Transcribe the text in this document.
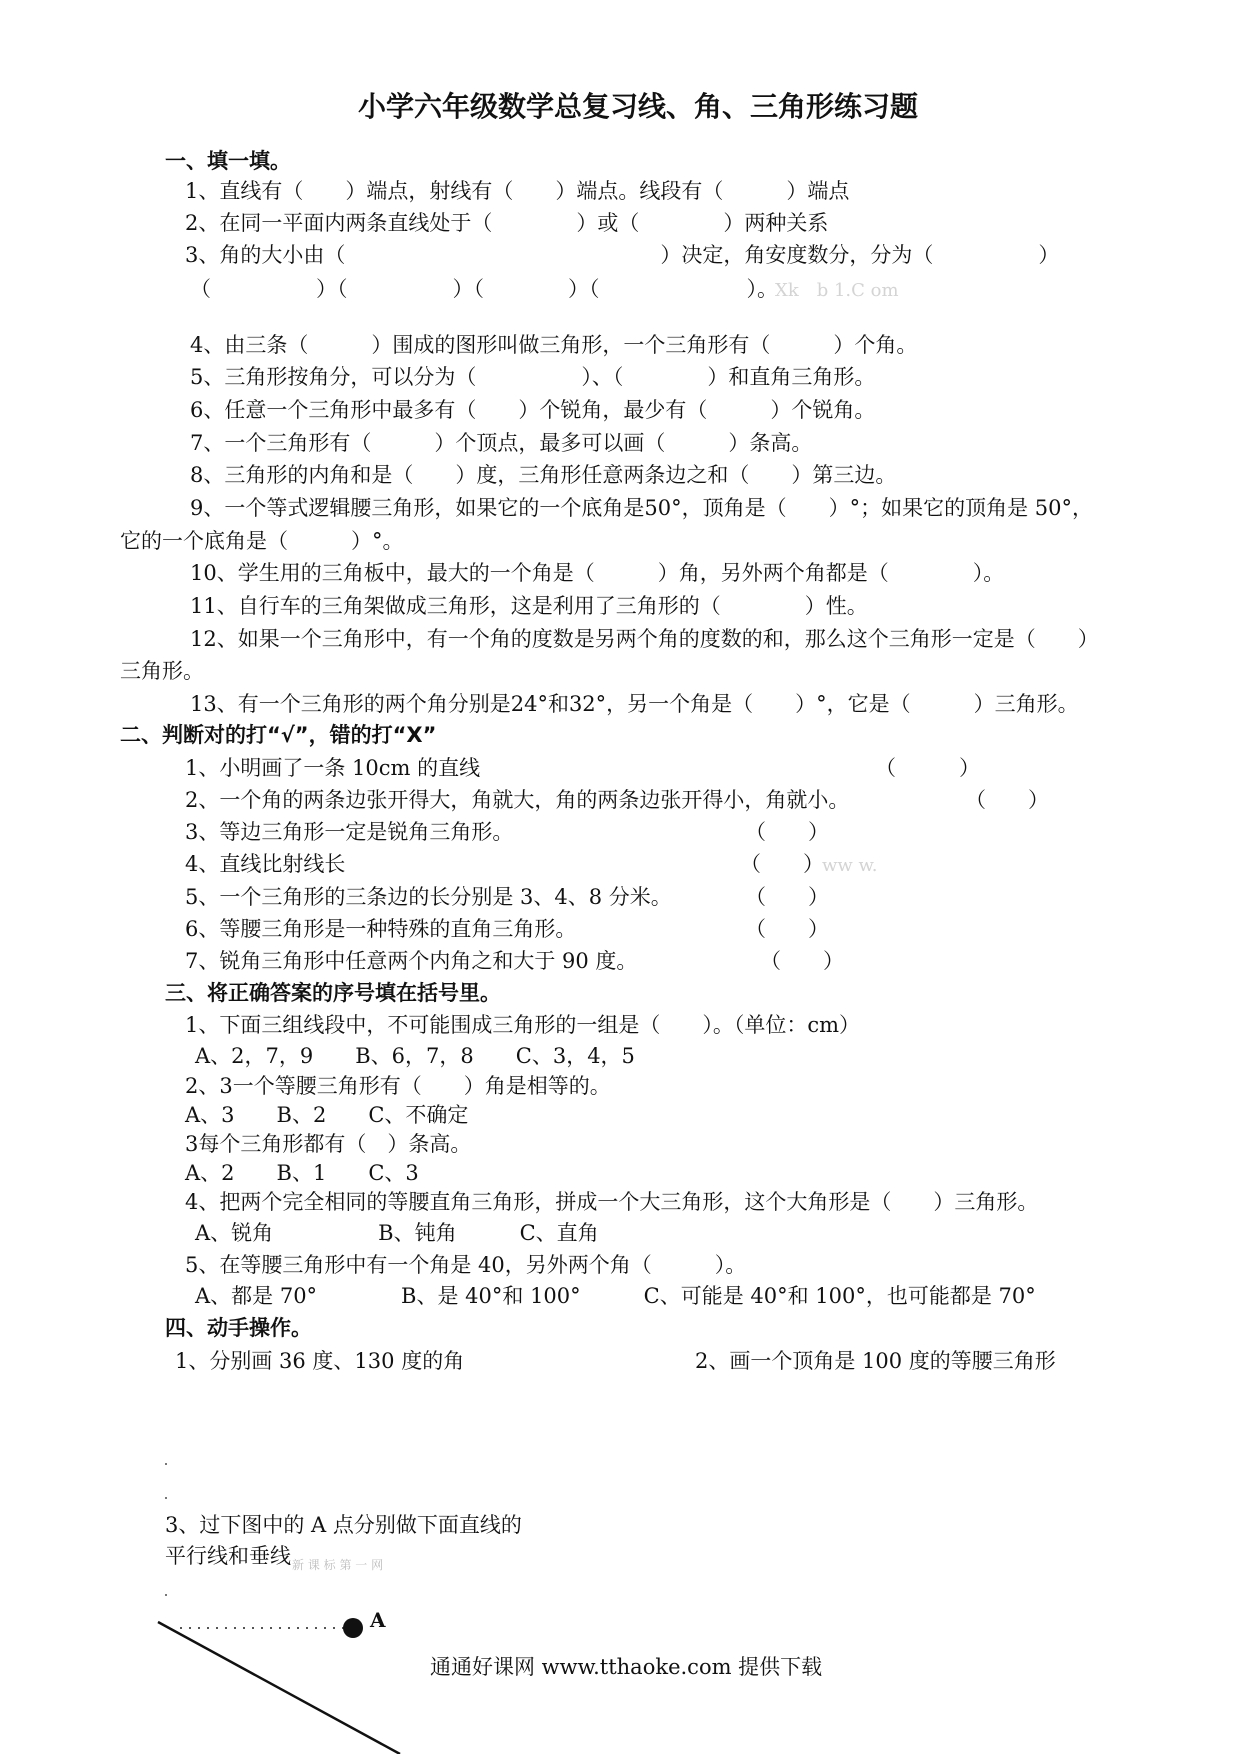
小学六年级数学总复习线、角、三角形练习题
一、填一填。
1、直线有（　　）端点，射线有（　　）端点。线段有（　　　）端点
2、在同一平面内两条直线处于（　　　　）或（　　　　）两种关系
3、角的大小由（　　　　　　　　　　　　　　　）决定，角安度数分，分为（　　　　　）
（　　　　　）（　　　　　）（　　　　）（　　　　　　　）。
Xk　b 1.C om
4、由三条（　　　）围成的图形叫做三角形，一个三角形有（　　　）个角。
5、三角形按角分，可以分为（　　　　　）、（　　　　）和直角三角形。
6、任意一个三角形中最多有（　　）个锐角，最少有（　　　）个锐角。
7、一个三角形有（　　　）个顶点，最多可以画（　　　）条高。
8、三角形的内角和是（　　）度，三角形任意两条边之和（　　）第三边。
9、一个等式逻辑腰三角形，如果它的一个底角是50°，顶角是（　　）°；如果它的顶角是 50°，
它的一个底角是（　　　）°。
10、学生用的三角板中，最大的一个角是（　　　）角，另外两个角都是（　　　　）。
11、自行车的三角架做成三角形，这是利用了三角形的（　　　　）性。
12、如果一个三角形中，有一个角的度数是另两个角的度数的和，那么这个三角形一定是（　　）
三角形。
13、有一个三角形的两个角分别是24°和32°，另一个角是（　　）°，它是（　　　）三角形。
二、判断对的打“√”，错的打“X”
1、小明画了一条 10cm 的直线	（　　　）
2、一个角的两条边张开得大，角就大，角的两条边张开得小，角就小。	（　　）
3、等边三角形一定是锐角三角形。	（　　）
4、直线比射线长	（　　）
ww w.
5、一个三角形的三条边的长分别是 3、4、8 分米。	（　　）
6、等腰三角形是一种特殊的直角三角形。	（　　）
7、锐角三角形中任意两个内角之和大于 90 度。	（　　）
三、将正确答案的序号填在括号里。
1、下面三组线段中，不可能围成三角形的一组是（　　）。（单位：cm）
A、2，7，9　　B、6，7，8　　C、3，4，5
2、3一个等腰三角形有（　　）角是相等的。
A、3　　B、2　　C、不确定
3每个三角形都有（　）条高。
A、2　　B、1　　C、3
4、把两个完全相同的等腰直角三角形，拼成一个大三角形，这个大角形是（　　）三角形。
A、锐角　　　　　B、钝角　　　C、直角
5、在等腰三角形中有一个角是 40，另外两个角（　　　）。
A、都是 70°　　　　B、是 40°和 100°　　　C、可能是 40°和 100°，也可能都是 70°
四、动手操作。
1、分别画 36 度、130 度的角	2、画一个顶角是 100 度的等腰三角形
3、过下图中的 A 点分别做下面直线的
平行线和垂线 新 课 标 第 一 网
A
通通好课网 www.tthaoke.com 提供下载
